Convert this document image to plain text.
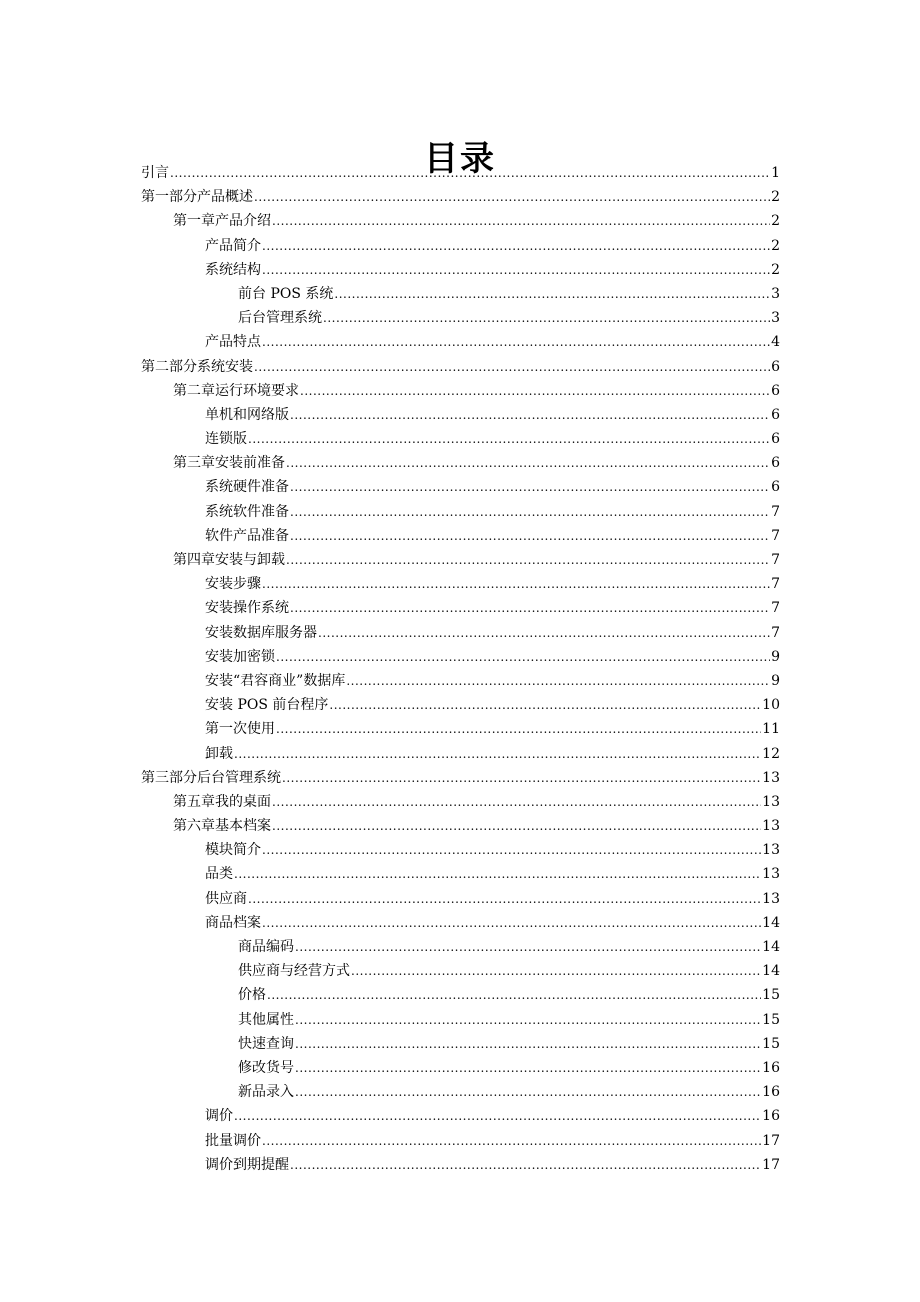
目录
引言 .....	1
第一部分产品概述 .....	2
第一章产品介绍 .....	2
产品简介 .....	2
系统结构 .....	2
前台 POS 系统 .....	3
后台管理系统 .....	3
产品特点 .....	4
第二部分系统安装 .....	6
第二章运行环境要求 .....	6
单机和网络版 .....	6
连锁版 .....	6
第三章安装前准备 .....	6
系统硬件准备 .....	6
系统软件准备 .....	7
软件产品准备 .....	7
第四章安装与卸载 .....	7
安装步骤 .....	7
安装操作系统 .....	7
安装数据库服务器 .....	7
安装加密锁 .....	9
安装“君容商业”数据库 .....	9
安装 POS 前台程序 .....	10
第一次使用 .....	11
卸载 .....	12
第三部分后台管理系统 .....	13
第五章我的桌面 .....	13
第六章基本档案 .....	13
模块简介 .....	13
品类 .....	13
供应商 .....	13
商品档案 .....	14
商品编码 .....	14
供应商与经营方式 .....	14
价格 .....	15
其他属性 .....	15
快速查询 .....	15
修改货号 .....	16
新品录入 .....	16
调价 .....	16
批量调价 .....	17
调价到期提醒 .....	17
